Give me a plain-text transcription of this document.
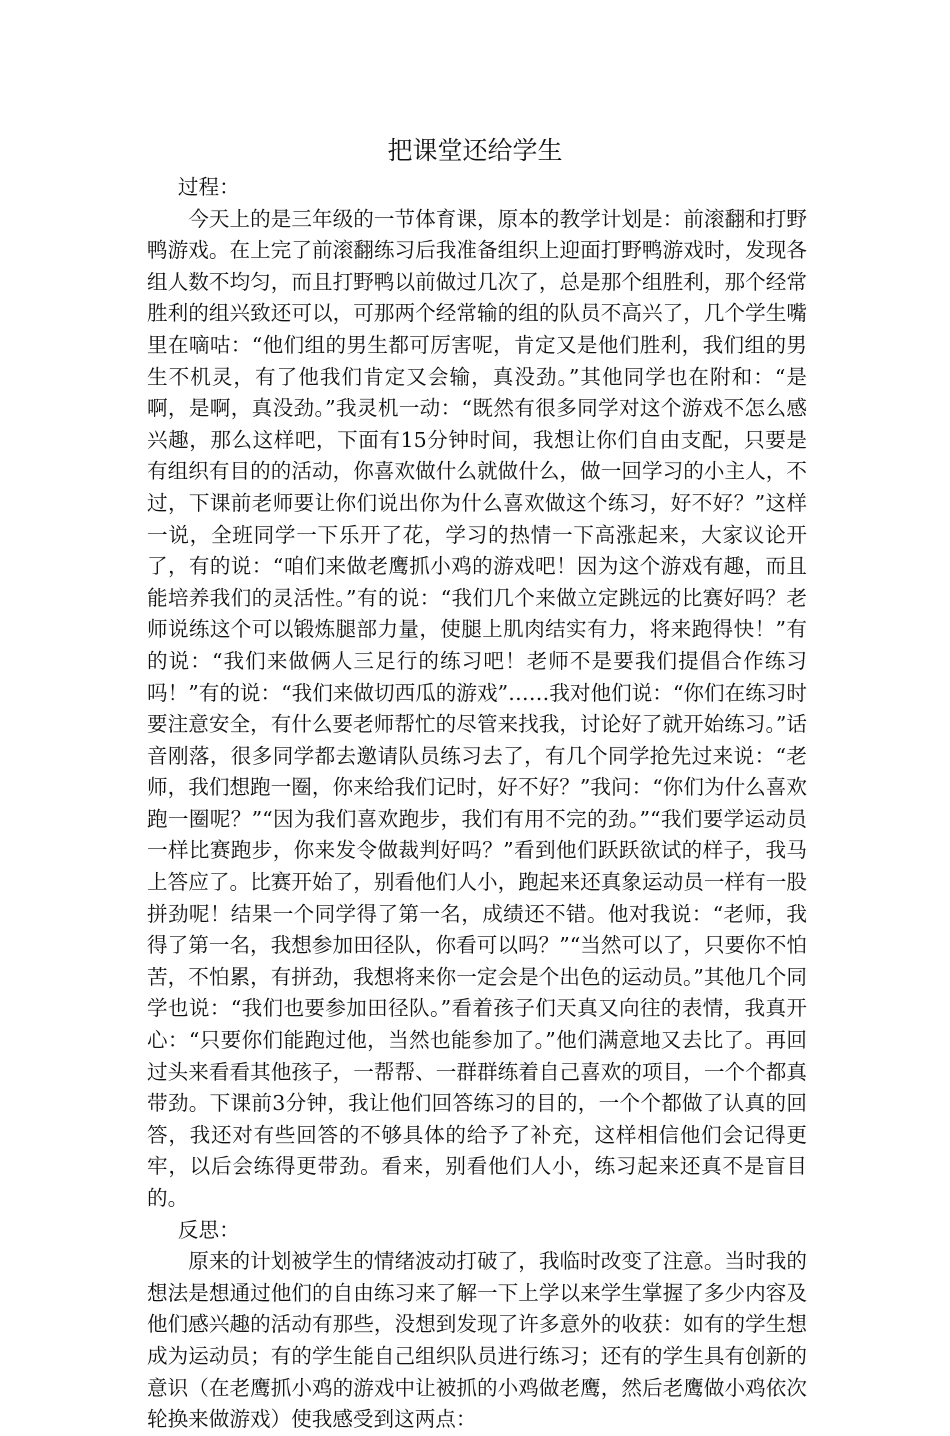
把课堂还给学生

过程：

今天上的是三年级的一节体育课，原本的教学计划是：前滚翻和打野鸭游戏。在上完了前滚翻练习后我准备组织上迎面打野鸭游戏时，发现各组人数不均匀，而且打野鸭以前做过几次了，总是那个组胜利，那个经常胜利的组兴致还可以，可那两个经常输的组的队员不高兴了，几个学生嘴里在嘀咕：“他们组的男生都可厉害呢，肯定又是他们胜利，我们组的男生不机灵，有了他我们肯定又会输，真没劲。”其他同学也在附和：“是啊，是啊，真没劲。”我灵机一动：“既然有很多同学对这个游戏不怎么感兴趣，那么这样吧，下面有15分钟时间，我想让你们自由支配，只要是有组织有目的的活动，你喜欢做什么就做什么，做一回学习的小主人，不过，下课前老师要让你们说出你为什么喜欢做这个练习，好不好？”这样一说，全班同学一下乐开了花，学习的热情一下高涨起来，大家议论开了，有的说：“咱们来做老鹰抓小鸡的游戏吧！因为这个游戏有趣，而且能培养我们的灵活性。”有的说：“我们几个来做立定跳远的比赛好吗？老师说练这个可以锻炼腿部力量，使腿上肌肉结实有力，将来跑得快！”有的说：“我们来做俩人三足行的练习吧！老师不是要我们提倡合作练习吗！”有的说：“我们来做切西瓜的游戏”……我对他们说：“你们在练习时要注意安全，有什么要老师帮忙的尽管来找我，讨论好了就开始练习。”话音刚落，很多同学都去邀请队员练习去了，有几个同学抢先过来说：“老师，我们想跑一圈，你来给我们记时，好不好？”我问：“你们为什么喜欢跑一圈呢？”“因为我们喜欢跑步，我们有用不完的劲。”“我们要学运动员一样比赛跑步，你来发令做裁判好吗？”看到他们跃跃欲试的样子，我马上答应了。比赛开始了，别看他们人小，跑起来还真象运动员一样有一股拼劲呢！结果一个同学得了第一名，成绩还不错。他对我说：“老师，我得了第一名，我想参加田径队，你看可以吗？”“当然可以了，只要你不怕苦，不怕累，有拼劲，我想将来你一定会是个出色的运动员。”其他几个同学也说：“我们也要参加田径队。”看着孩子们天真又向往的表情，我真开心：“只要你们能跑过他，当然也能参加了。”他们满意地又去比了。再回过头来看看其他孩子，一帮帮、一群群练着自己喜欢的项目，一个个都真带劲。下课前3分钟，我让他们回答练习的目的，一个个都做了认真的回答，我还对有些回答的不够具体的给予了补充，这样相信他们会记得更牢，以后会练得更带劲。看来，别看他们人小，练习起来还真不是盲目的。

反思：

原来的计划被学生的情绪波动打破了，我临时改变了注意。当时我的想法是想通过他们的自由练习来了解一下上学以来学生掌握了多少内容及他们感兴趣的活动有那些，没想到发现了许多意外的收获：如有的学生想成为运动员；有的学生能自己组织队员进行练习；还有的学生具有创新的意识（在老鹰抓小鸡的游戏中让被抓的小鸡做老鹰，然后老鹰做小鸡依次轮换来做游戏）使我感受到这两点：
